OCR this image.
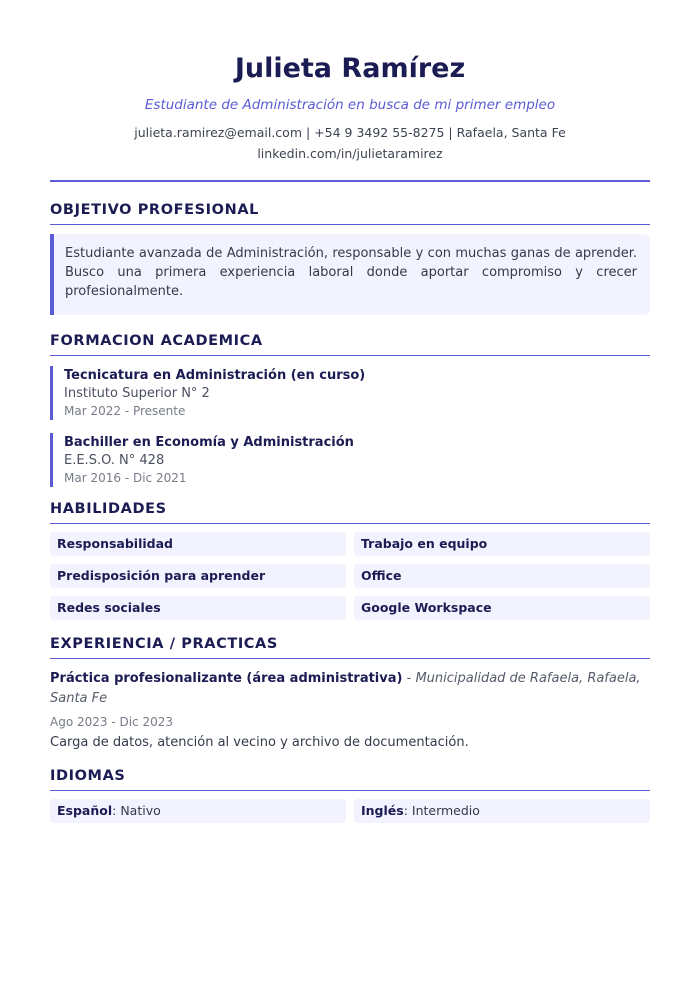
Julieta Ramírez
Estudiante de Administración en busca de mi primer empleo
julieta.ramirez@email.com | +54 9 3492 55-8275 | Rafaela, Santa Fe
linkedin.com/in/julietaramirez
OBJETIVO PROFESIONAL
Estudiante avanzada de Administración, responsable y con muchas ganas de aprender. Busco una primera experiencia laboral donde aportar compromiso y crecer profesionalmente.
FORMACION ACADEMICA
Tecnicatura en Administración (en curso)
Instituto Superior N° 2
Mar 2022 - Presente
Bachiller en Economía y Administración
E.E.S.O. N° 428
Mar 2016 - Dic 2021
HABILIDADES
Responsabilidad	Trabajo en equipo
Predisposición para aprender	Office
Redes sociales	Google Workspace
EXPERIENCIA / PRACTICAS
Práctica profesionalizante (área administrativa) - Municipalidad de Rafaela, Rafaela, Santa Fe
Ago 2023 - Dic 2023
Carga de datos, atención al vecino y archivo de documentación.
IDIOMAS
Español: Nativo	Inglés: Intermedio
